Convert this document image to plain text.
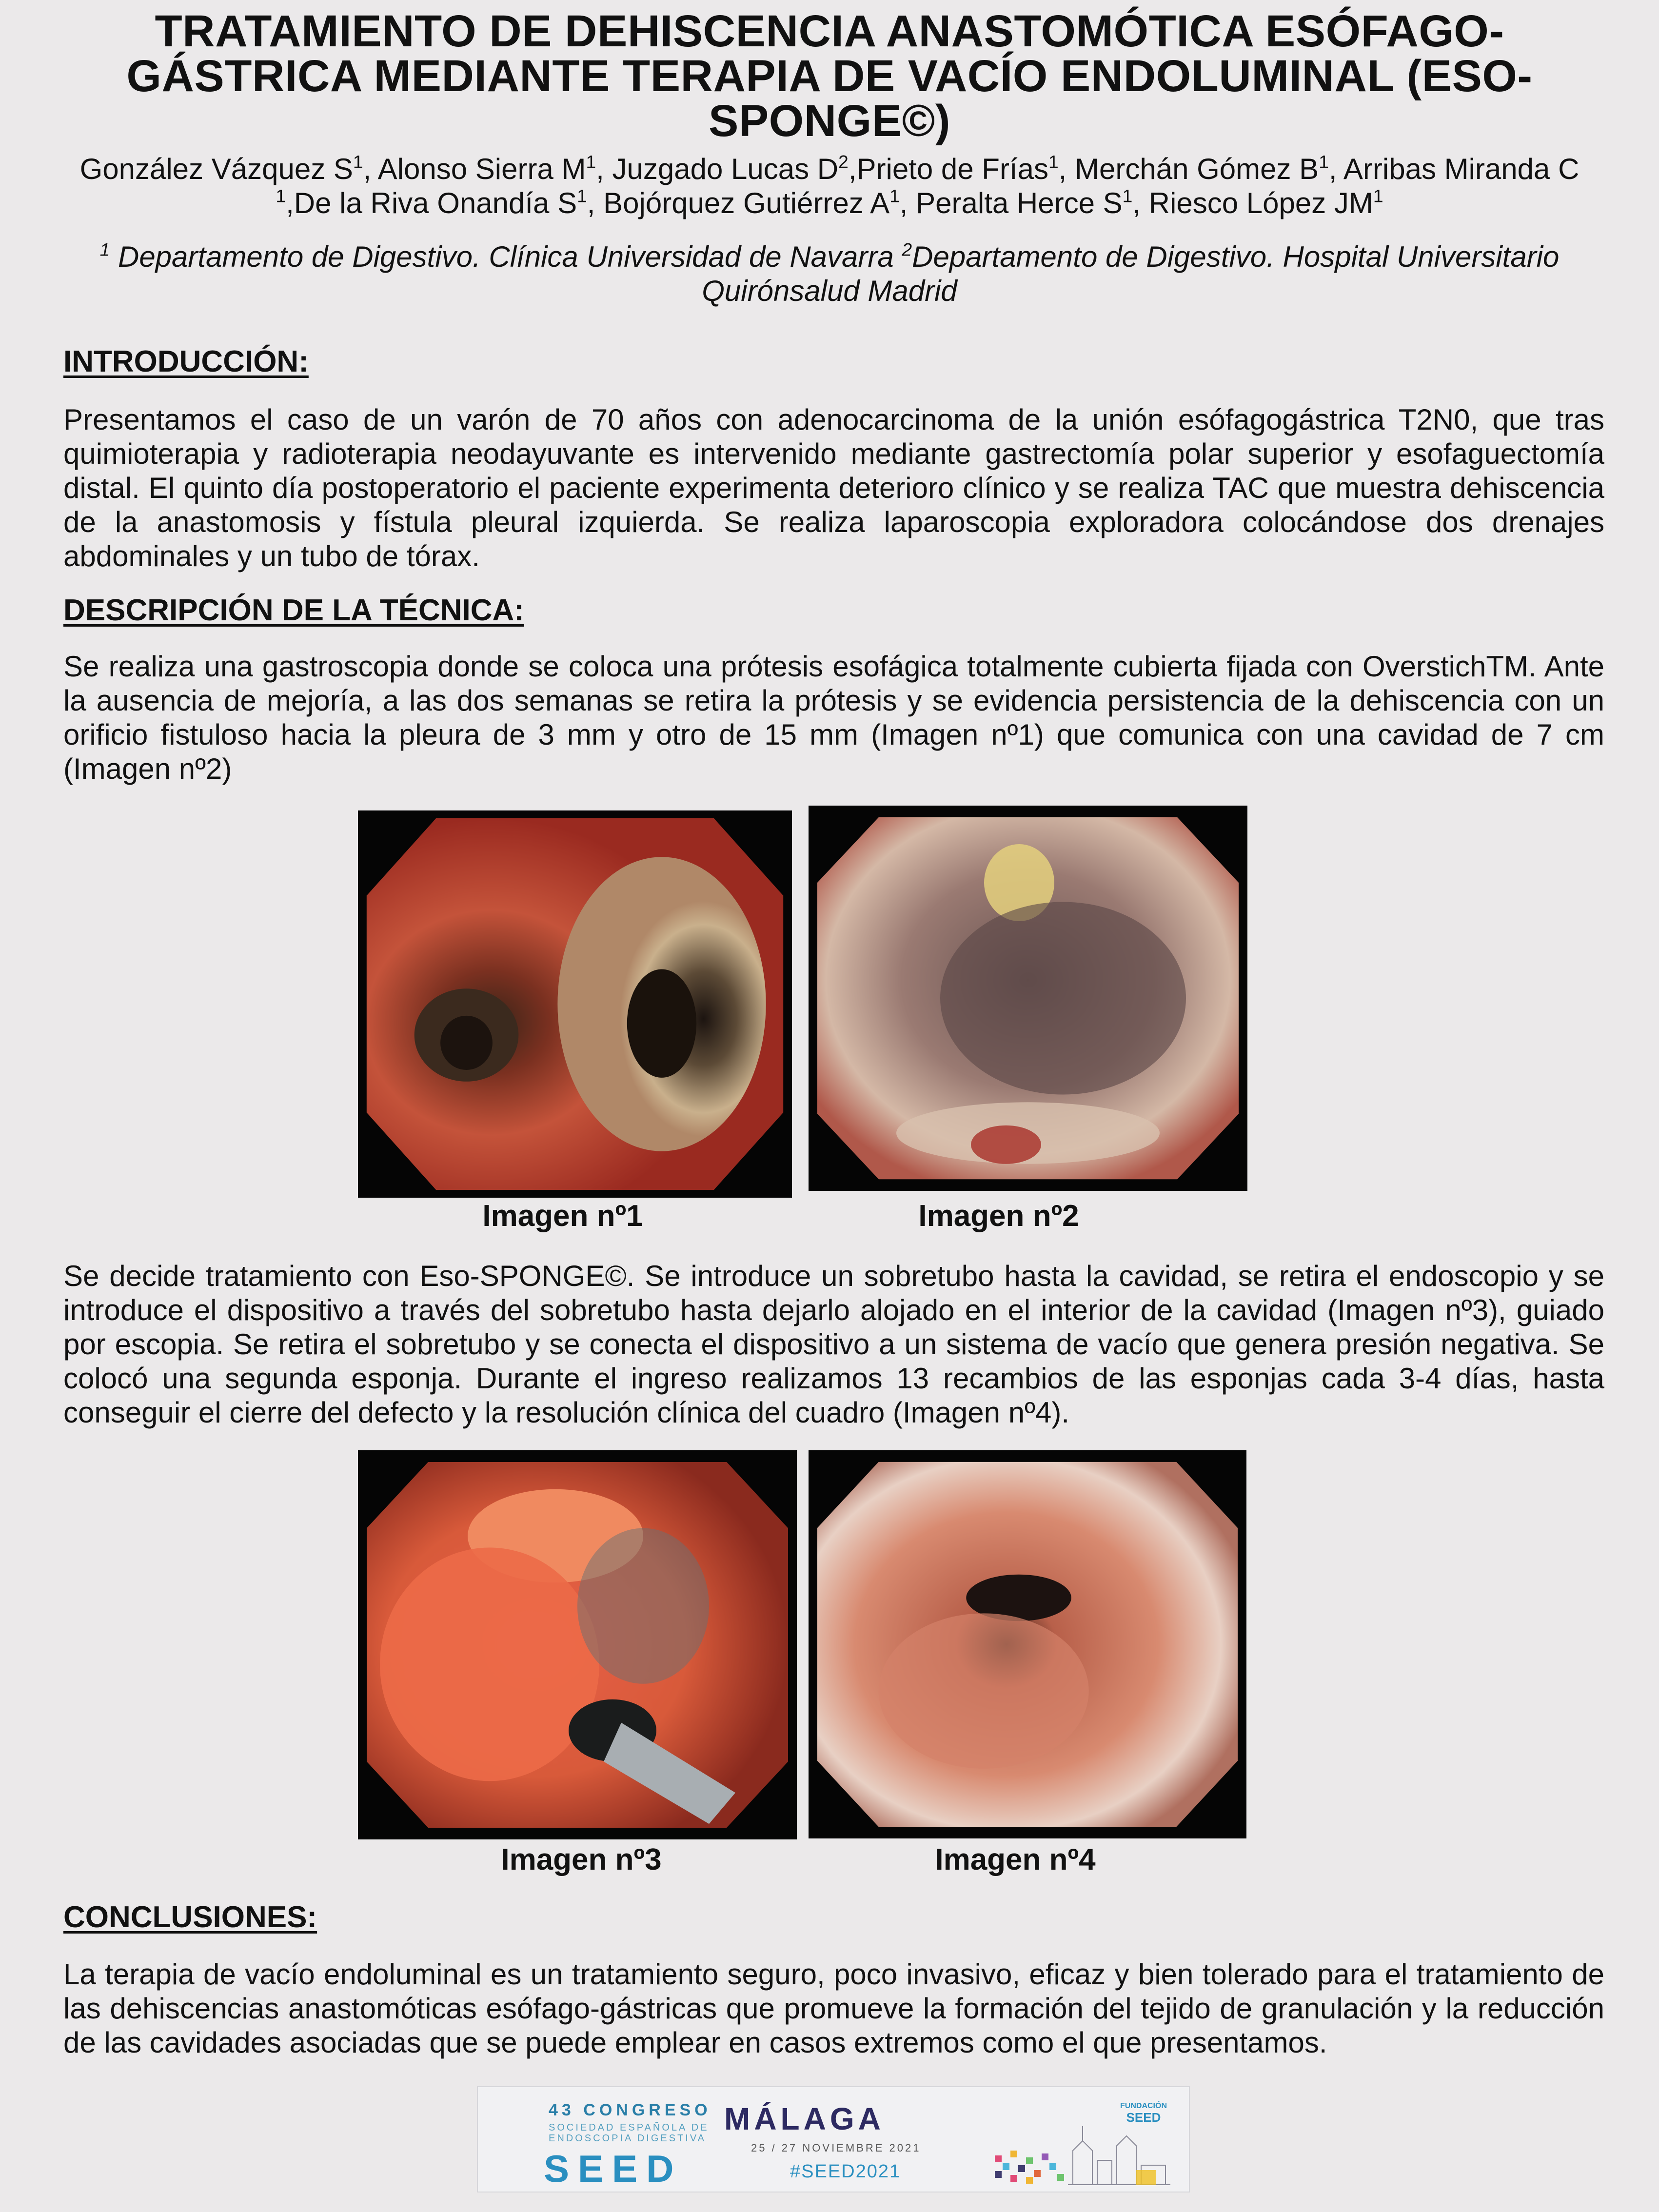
TRATAMIENTO DE DEHISCENCIA ANASTOMÓTICA ESÓFAGO-GÁSTRICA MEDIANTE TERAPIA DE VACÍO ENDOLUMINAL (ESO-SPONGE©)
González Vázquez $S^1$, Alonso Sierra $M^1$, Juzgado Lucas $D^2,Prieto$ de Frías$^1$, Merchán Gómez $B^1$, Arribas Miranda C $^1$,De la Riva Onandía $S^1$, Bojórquez Gutiérrez $A^1$, Peralta Herce $S^1$, Riesco López $JM^1$
$^1$ Departamento de Digestivo. Clínica Universidad de Navarra $^2$Departamento de Digestivo. Hospital Universitario Quirónsalud Madrid
INTRODUCCIÓN:
Presentamos el caso de un varón de 70 años con adenocarcinoma de la unión esófagogástrica T2N0, que tras quimioterapia y radioterapia neodayuvante es intervenido mediante gastrectomía polar superior y esofaguectomía distal. El quinto día postoperatorio el paciente experimenta deterioro clínico y se realiza TAC que muestra dehiscencia de la anastomosis y fístula pleural izquierda. Se realiza laparoscopia exploradora colocándose dos drenajes abdominales y un tubo de tórax.
DESCRIPCIÓN DE LA TÉCNICA:
Se realiza una gastroscopia donde se coloca una prótesis esofágica totalmente cubierta fijada con OverstichTM. Ante la ausencia de mejoría, a las dos semanas se retira la prótesis y se evidencia persistencia de la dehiscencia con un orificio fistuloso hacia la pleura de 3 mm y otro de 15 mm (Imagen nº1) que comunica con una cavidad de 7 cm (Imagen nº2)
Imagen nº1	Imagen nº2
Se decide tratamiento con Eso-SPONGE©. Se introduce un sobretubo hasta la cavidad, se retira el endoscopio y se introduce el dispositivo a través del sobretubo hasta dejarlo alojado en el interior de la cavidad (Imagen nº3), guiado por escopia. Se retira el sobretubo y se conecta el dispositivo a un sistema de vacío que genera presión negativa. Se colocó una segunda esponja. Durante el ingreso realizamos 13 recambios de las esponjas cada 3-4 días, hasta conseguir el cierre del defecto y la resolución clínica del cuadro (Imagen nº4).
Imagen nº3	Imagen nº4
CONCLUSIONES:
La terapia de vacío endoluminal es un tratamiento seguro, poco invasivo, eficaz y bien tolerado para el tratamiento de las dehiscencias anastomóticas esófago-gástricas que promueve la formación del tejido de granulación y la reducción de las cavidades asociadas que se puede emplear en casos extremos como el que presentamos.
43 CONGRESO
SOCIEDAD ESPAÑOLA DE ENDOSCOPIA DIGESTIVA
SEED
MÁLAGA
25 / 27 NOVIEMBRE 2021
#SEED2021
FUNDACIÓN
SEED
